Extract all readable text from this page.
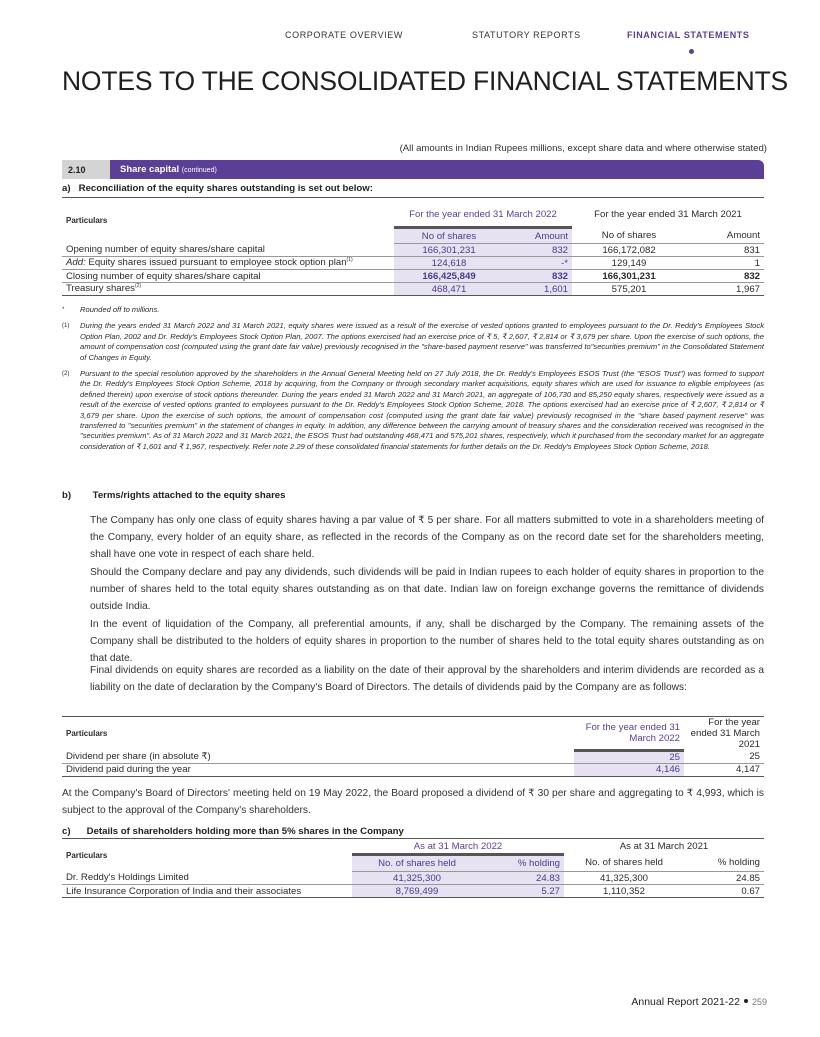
CORPORATE OVERVIEW	STATUTORY REPORTS	FINANCIAL STATEMENTS
NOTES TO THE CONSOLIDATED FINANCIAL STATEMENTS
(All amounts in Indian Rupees millions, except share data and where otherwise stated)
2.10	Share capital (continued)
a) Reconciliation of the equity shares outstanding is set out below:
Particulars	For the year ended 31 March 2022		For the year ended 31 March 2021	
	No of shares	Amount	No of shares	Amount
Opening number of equity shares/share capital	166,301,231	832	166,172,082	831
Add: Equity shares issued pursuant to employee stock option plan$^{(1)}$	124,618	-*	129,149	1
Closing number of equity shares/share capital	166,425,849	832	166,301,231	832
Treasury shares$^{(2)}$	468,471	1,601	575,201	1,967
*	Rounded off to millions.
(1)	During the years ended 31 March 2022 and 31 March 2021, equity shares were issued as a result of the exercise of vested options granted to employees pursuant to the Dr. Reddy's Employees Stock Option Plan, 2002 and Dr. Reddy's Employees Stock Option Plan, 2007. The options exercised had an exercise price of ₹ 5, ₹ 2,607, ₹ 2,814 or ₹ 3,679 per share. Upon the exercise of such options, the amount of compensation cost (computed using the grant date fair value) previously recognised in the "share-based payment reserve" was transferred to"securities premium" in the Consolidated Statement of Changes in Equity.
(2)	Pursuant to the special resolution approved by the shareholders in the Annual General Meeting held on 27 July 2018, the Dr. Reddy's Employees ESOS Trust (the "ESOS Trust") was formed to support the Dr. Reddy's Employees Stock Option Scheme, 2018 by acquiring, from the Company or through secondary market acquisitions, equity shares which are used for issuance to eligible employees (as defined therein) upon exercise of stock options thereunder. During the years ended 31 March 2022 and 31 March 2021, an aggregate of 106,730 and 85,250 equity shares, respectively were issued as a result of the exercise of vested options granted to employees pursuant to the Dr. Reddy's Employees Stock Option Scheme, 2018. The options exercised had an exercise price of ₹ 2,607, ₹ 2,814 or ₹ 3,679 per share. Upon the exercise of such options, the amount of compensation cost (computed using the grant date fair value) previously recognised in the "share based payment reserve" was transferred to "securities premium" in the statement of changes in equity. In addition, any difference between the carrying amount of treasury shares and the consideration received was recognised in the "securities premium". As of 31 March 2022 and 31 March 2021, the ESOS Trust had outstanding 468,471 and 575,201 shares, respectively, which it purchased from the secondary market for an aggregate consideration of ₹ 1,601 and ₹ 1,967, respectively. Refer note 2.29 of these consolidated financial statements for further details on the Dr. Reddy's Employees Stock Option Scheme, 2018.
b) Terms/rights attached to the equity shares

The Company has only one class of equity shares having a par value of ₹ 5 per share. For all matters submitted to vote in a shareholders meeting of the Company, every holder of an equity share, as reflected in the records of the Company as on the record date set for the shareholders meeting, shall have one vote in respect of each share held.

Should the Company declare and pay any dividends, such dividends will be paid in Indian rupees to each holder of equity shares in proportion to the number of shares held to the total equity shares outstanding as on that date. Indian law on foreign exchange governs the remittance of dividends outside India.

In the event of liquidation of the Company, all preferential amounts, if any, shall be discharged by the Company. The remaining assets of the Company shall be distributed to the holders of equity shares in proportion to the number of shares held to the total equity shares outstanding as on that date.

Final dividends on equity shares are recorded as a liability on the date of their approval by the shareholders and interim dividends are recorded as a liability on the date of declaration by the Company's Board of Directors. The details of dividends paid by the Company are as follows:

Particulars	For the year ended 31 March 2022	For the year ended 31 March 2021
Dividend per share (in absolute ₹)	25	25
Dividend paid during the year	4,146	4,147

At the Company's Board of Directors' meeting held on 19 May 2022, the Board proposed a dividend of ₹ 30 per share and aggregating to ₹ 4,993, which is subject to the approval of the Company's shareholders.

c) Details of shareholders holding more than 5% shares in the Company
Particulars	As at 31 March 2022		As at 31 March 2021	
	No. of shares held	% holding	No. of shares held	% holding
Dr. Reddy's Holdings Limited	41,325,300	24.83	41,325,300	24.85
Life Insurance Corporation of India and their associates	8,769,499	5.27	1,110,352	0.67
Annual Report 2021-22 259
